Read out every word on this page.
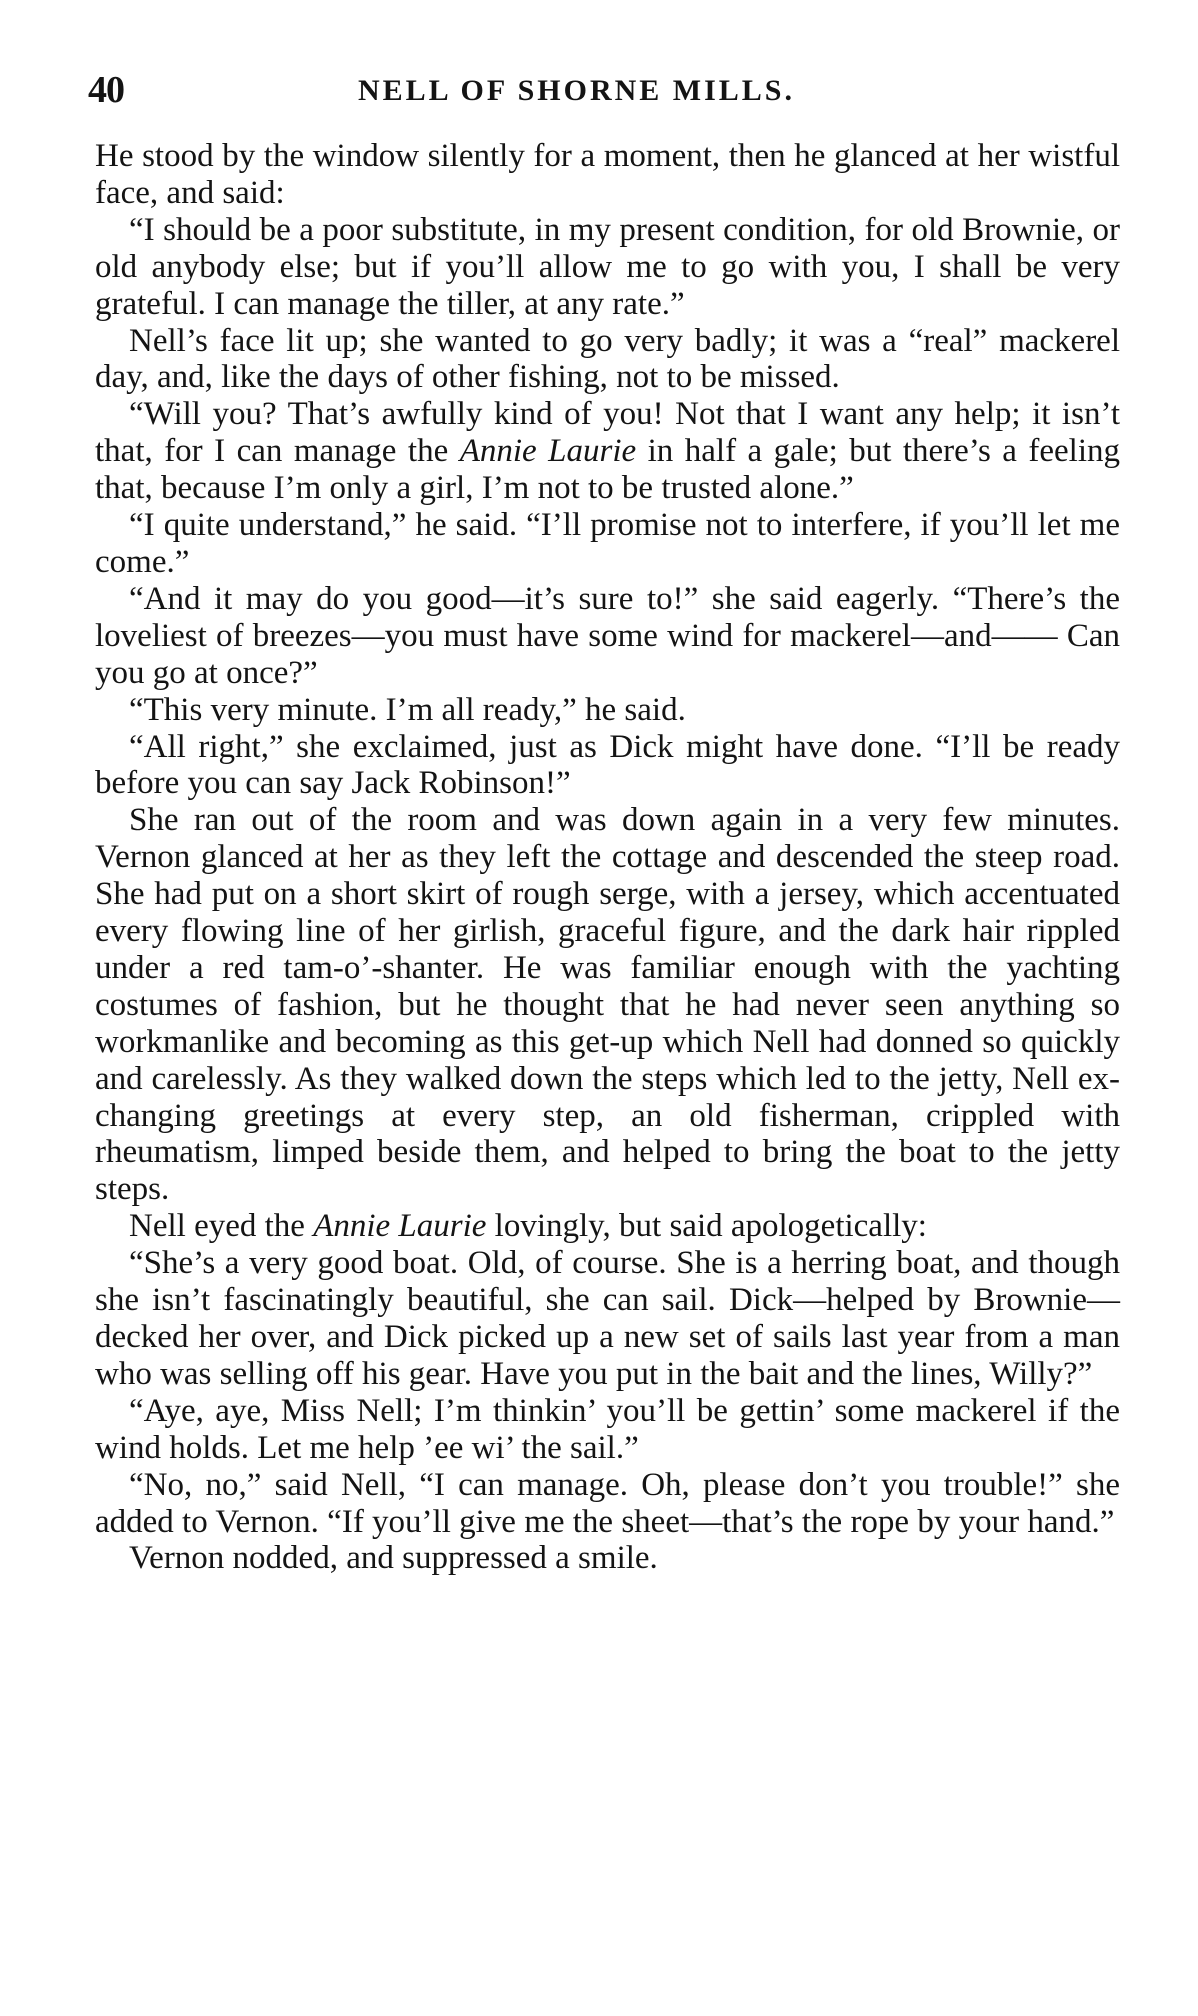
40	NELL OF SHORNE MILLS.

He stood by the window silently for a moment, then he glanced at her wistful face, and said:

“I should be a poor substitute, in my present condition, for old Brownie, or old anybody else; but if you’ll allow me to go with you, I shall be very grateful. I can manage the tiller, at any rate.”

Nell’s face lit up; she wanted to go very badly; it was a “real” mackerel day, and, like the days of other fishing, not to be missed.

“Will you? That’s awfully kind of you! Not that I want any help; it isn’t that, for I can manage the Annie Laurie in half a gale; but there’s a feeling that, because I’m only a girl, I’m not to be trusted alone.”

“I quite understand,” he said. “I’ll promise not to interfere, if you’ll let me come.”

“And it may do you good—it’s sure to!” she said eagerly. “There’s the loveliest of breezes—you must have some wind for mackerel—and—— Can you go at once?”

“This very minute. I’m all ready,” he said.

“All right,” she exclaimed, just as Dick might have done. “I’ll be ready before you can say Jack Robinson!”

She ran out of the room and was down again in a very few minutes. Vernon glanced at her as they left the cottage and descended the steep road. She had put on a short skirt of rough serge, with a jersey, which accentuated every flowing line of her girlish, graceful figure, and the dark hair rippled under a red tam-o’-shanter. He was familiar enough with the yachting costumes of fashion, but he thought that he had never seen anything so workmanlike and becoming as this get-up which Nell had donned so quickly and carelessly. As they walked down the steps which led to the jetty, Nell exchanging greetings at every step, an old fisherman, crippled with rheumatism, limped beside them, and helped to bring the boat to the jetty steps.

Nell eyed the Annie Laurie lovingly, but said apologetically:

“She’s a very good boat. Old, of course. She is a herring boat, and though she isn’t fascinatingly beautiful, she can sail. Dick—helped by Brownie—decked her over, and Dick picked up a new set of sails last year from a man who was selling off his gear. Have you put in the bait and the lines, Willy?”

“Aye, aye, Miss Nell; I’m thinkin’ you’ll be gettin’ some mackerel if the wind holds. Let me help ’ee wi’ the sail.”

“No, no,” said Nell, “I can manage. Oh, please don’t you trouble!” she added to Vernon. “If you’ll give me the sheet—that’s the rope by your hand.”

Vernon nodded, and suppressed a smile.
